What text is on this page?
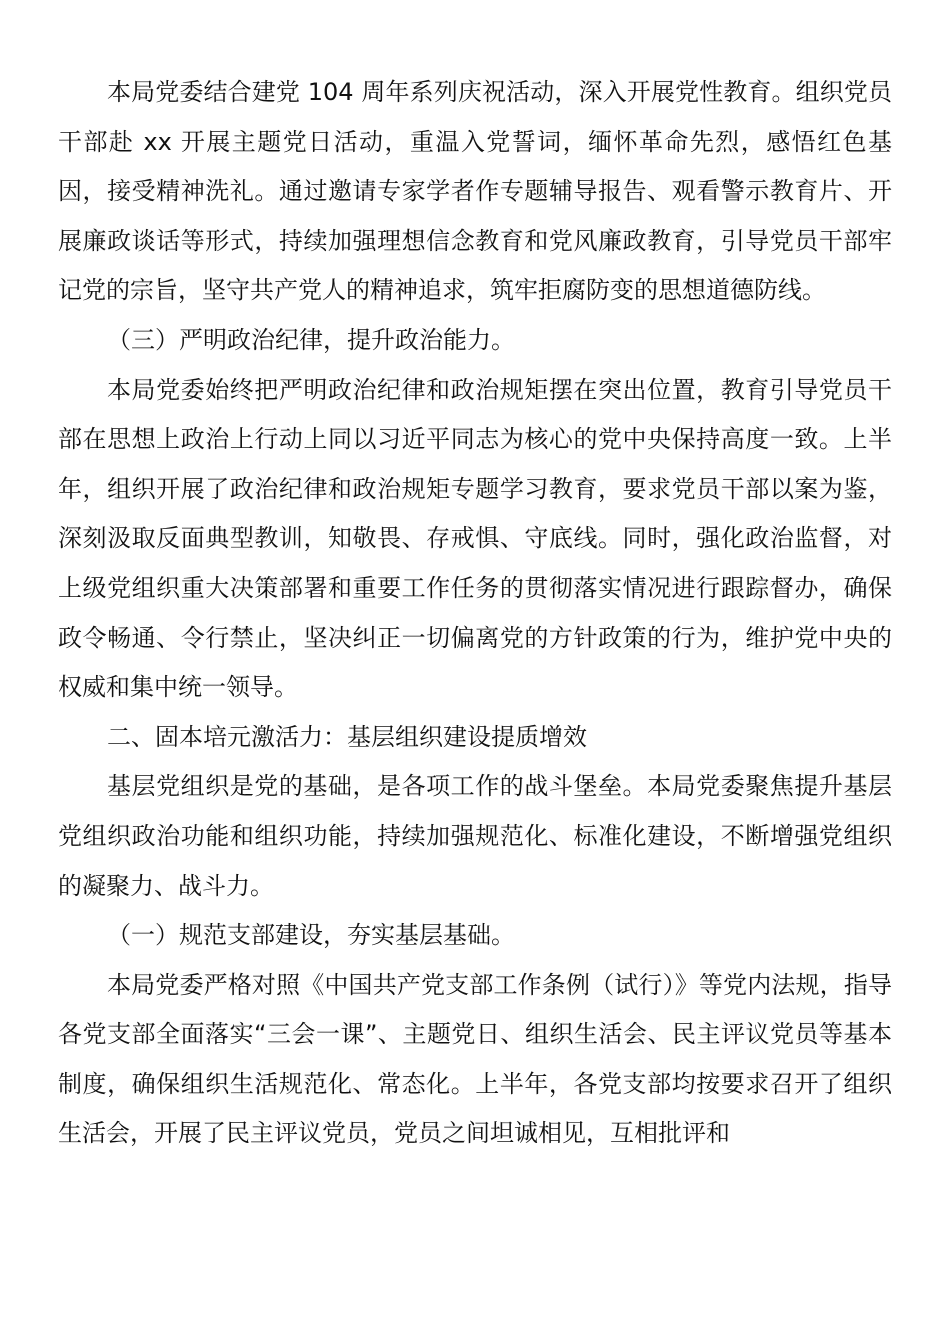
本局党委结合建党 104 周年系列庆祝活动，深入开展党性教育。组织党员干部赴 xx 开展主题党日活动，重温入党誓词，缅怀革命先烈，感悟红色基因，接受精神洗礼。通过邀请专家学者作专题辅导报告、观看警示教育片、开展廉政谈话等形式，持续加强理想信念教育和党风廉政教育，引导党员干部牢记党的宗旨，坚守共产党人的精神追求，筑牢拒腐防变的思想道德防线。

（三）严明政治纪律，提升政治能力。

本局党委始终把严明政治纪律和政治规矩摆在突出位置，教育引导党员干部在思想上政治上行动上同以习近平同志为核心的党中央保持高度一致。上半年，组织开展了政治纪律和政治规矩专题学习教育，要求党员干部以案为鉴，深刻汲取反面典型教训，知敬畏、存戒惧、守底线。同时，强化政治监督，对上级党组织重大决策部署和重要工作任务的贯彻落实情况进行跟踪督办，确保政令畅通、令行禁止，坚决纠正一切偏离党的方针政策的行为，维护党中央的权威和集中统一领导。

二、固本培元激活力：基层组织建设提质增效

基层党组织是党的基础，是各项工作的战斗堡垒。本局党委聚焦提升基层党组织政治功能和组织功能，持续加强规范化、标准化建设，不断增强党组织的凝聚力、战斗力。

（一）规范支部建设，夯实基层基础。

本局党委严格对照《中国共产党支部工作条例（试行）》等党内法规，指导各党支部全面落实“三会一课”、主题党日、组织生活会、民主评议党员等基本制度，确保组织生活规范化、常态化。上半年，各党支部均按要求召开了组织生活会，开展了民主评议党员，党员之间坦诚相见，互相批评和
